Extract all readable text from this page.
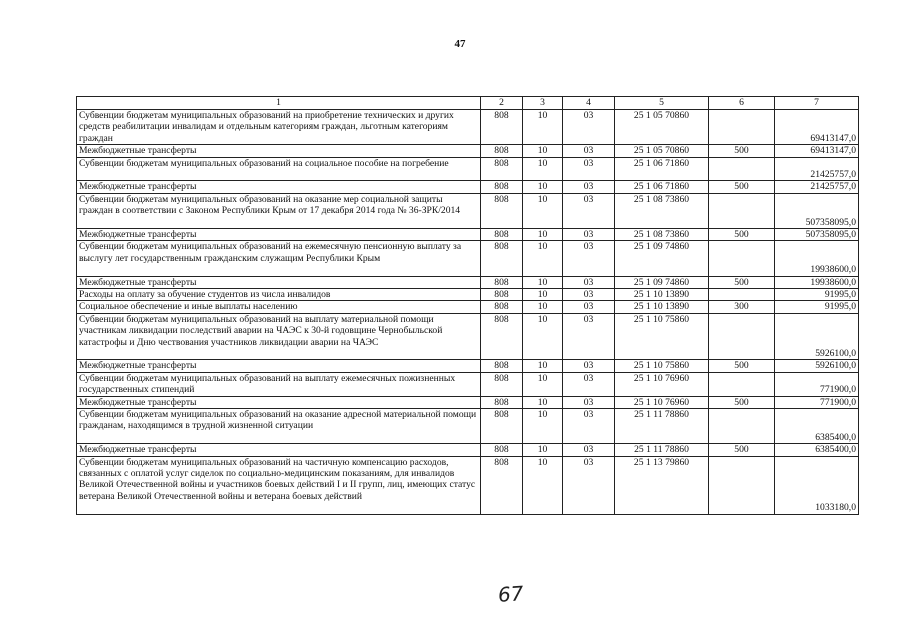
47
1	2	3	4	5	6	7
Субвенции бюджетам муниципальных образований на приобретение технических и других средств реабилитации инвалидам и отдельным категориям граждан, льготным категориям граждан	808	10	03	25 1 05 70860		69413147,0
Межбюджетные трансферты	808	10	03	25 1 05 70860	500	69413147,0
Субвенции бюджетам муниципальных образований на социальное пособие на погребение	808	10	03	25 1 06 71860		21425757,0
Межбюджетные трансферты	808	10	03	25 1 06 71860	500	21425757,0
Субвенции бюджетам муниципальных образований на оказание мер социальной защиты граждан в соответствии с Законом Республики Крым от 17 декабря 2014 года № 36-ЗРК/2014	808	10	03	25 1 08 73860		507358095,0
Межбюджетные трансферты	808	10	03	25 1 08 73860	500	507358095,0
Субвенции бюджетам муниципальных образований на ежемесячную пенсионную выплату за выслугу лет государственным гражданским служащим Республики Крым	808	10	03	25 1 09 74860		19938600,0
Межбюджетные трансферты	808	10	03	25 1 09 74860	500	19938600,0
Расходы на оплату за обучение студентов из числа инвалидов	808	10	03	25 1 10 13890		91995,0
Социальное обеспечение и иные выплаты населению	808	10	03	25 1 10 13890	300	91995,0
Субвенции бюджетам муниципальных образований на выплату материальной помощи участникам ликвидации последствий аварии на ЧАЭС к 30-й годовщине Чернобыльской катастрофы и Дню чествования участников ликвидации аварии на ЧАЭС	808	10	03	25 1 10 75860		5926100,0
Межбюджетные трансферты	808	10	03	25 1 10 75860	500	5926100,0
Субвенции бюджетам муниципальных образований на выплату ежемесячных пожизненных государственных стипендий	808	10	03	25 1 10 76960		771900,0
Межбюджетные трансферты	808	10	03	25 1 10 76960	500	771900,0
Субвенции бюджетам муниципальных образований на оказание адресной материальной помощи гражданам, находящимся в трудной жизненной ситуации	808	10	03	25 1 11 78860		6385400,0
Межбюджетные трансферты	808	10	03	25 1 11 78860	500	6385400,0
Субвенции бюджетам муниципальных образований на частичную компенсацию расходов, связанных с оплатой услуг сиделок по социально-медицинским показаниям, для инвалидов Великой Отечественной войны и участников боевых действий I и II групп, лиц, имеющих статус ветерана Великой Отечественной войны и ветерана боевых действий	808	10	03	25 1 13 79860		1033180,0
67
